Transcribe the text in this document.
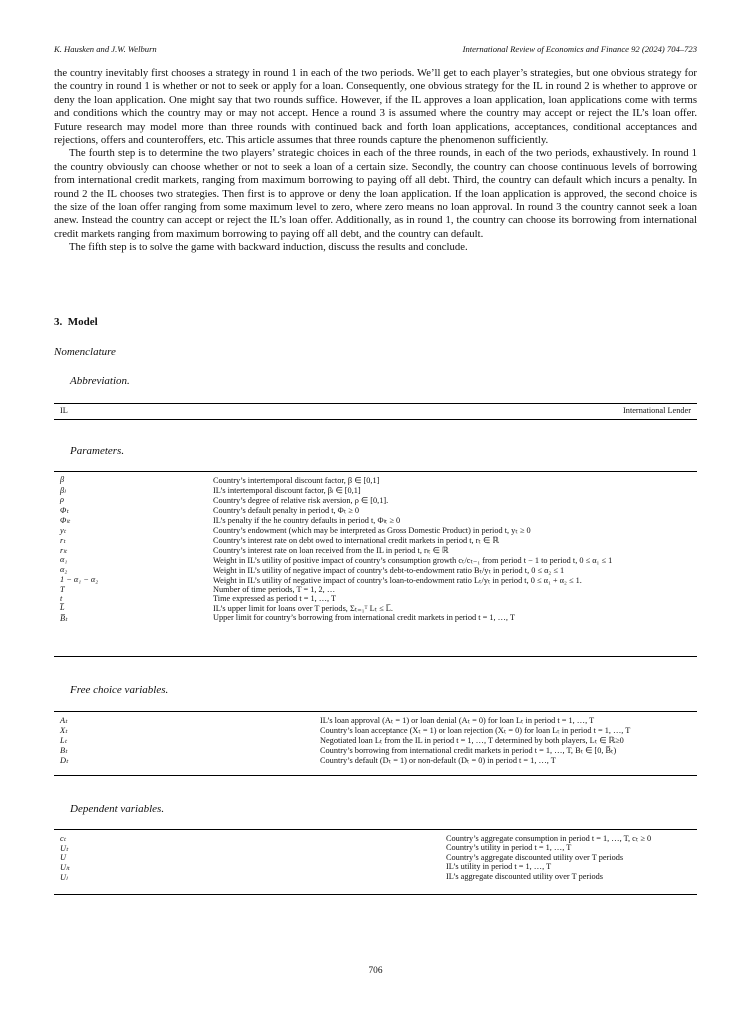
K. Hausken and J.W. Welburn	International Review of Economics and Finance 92 (2024) 704–723

the country inevitably first chooses a strategy in round 1 in each of the two periods. We’ll get to each player’s strategies, but one obvious strategy for the country in round 1 is whether or not to seek or apply for a loan. Consequently, one obvious strategy for the IL in round 2 is whether to approve or deny the loan application. One might say that two rounds suffice. However, if the IL approves a loan application, loan applications come with terms and conditions which the country may or may not accept. Hence a round 3 is assumed where the country may accept or reject the IL’s loan offer. Future research may model more than three rounds with continued back and forth loan applications, acceptances, conditional acceptances and rejections, offers and counteroffers, etc. This article assumes that three rounds capture the phenomenon sufficiently.

The fourth step is to determine the two players’ strategic choices in each of the three rounds, in each of the two periods, exhaustively. In round 1 the country obviously can choose whether or not to seek a loan of a certain size. Secondly, the country can choose continuous levels of borrowing from international credit markets, ranging from maximum borrowing to paying off all debt. Third, the country can default which incurs a penalty. In round 2 the IL chooses two strategies. Then first is to approve or deny the loan application. If the loan application is approved, the second choice is the size of the loan offer ranging from some maximum level to zero, where zero means no loan approval. In round 3 the country cannot seek a loan anew. Instead the country can accept or reject the IL’s loan offer. Additionally, as in round 1, the country can choose its borrowing from international credit markets ranging from maximum borrowing to paying off all debt, and the country can default.

The fifth step is to solve the game with backward induction, discuss the results and conclude.

3. Model
Nomenclature
Abbreviation.
IL	International Lender
Parameters.
β	Country’s intertemporal discount factor, β ∈ [0,1]
βₗ	IL’s intertemporal discount factor, βₗ ∈ [0,1]
ρ	Country’s degree of relative risk aversion, ρ ∈ [0,1].
Φₜ	Country’s default penalty in period t, Φₜ ≥ 0
Φₗₜ	IL’s penalty if the he country defaults in period t, Φₗₜ ≥ 0
yₜ	Country’s endowment (which may be interpreted as Gross Domestic Product) in period t, yₜ ≥ 0
rₜ	Country’s interest rate on debt owed to international credit markets in period t, rₜ ∈ ℝ
rₗₜ	Country’s interest rate on loan received from the IL in period t, rₗₜ ∈ ℝ
α₁	Weight in IL’s utility of positive impact of country’s consumption growth cₜ/cₜ₋₁ from period t − 1 to period t, 0 ≤ α₁ ≤ 1
α₂	Weight in IL’s utility of negative impact of country’s debt-to-endowment ratio Bₜ/yₜ in period t, 0 ≤ α₂ ≤ 1
1 − α₁ − α₂	Weight in IL’s utility of negative impact of country’s loan-to-endowment ratio Lₜ/yₜ in period t, 0 ≤ α₁ + α₂ ≤ 1.
T	Number of time periods, T = 1, 2, …
t	Time expressed as period t = 1, …, T
L̅	IL’s upper limit for loans over T periods, Σₜ₌₁ᵀ Lₜ ≤ L̅.
B̅ₜ	Upper limit for country’s borrowing from international credit markets in period t = 1, …, T
Free choice variables.
Aₜ	IL’s loan approval (Aₜ = 1) or loan denial (Aₜ = 0) for loan Lₜ in period t = 1, …, T
Xₜ	Country’s loan acceptance (Xₜ = 1) or loan rejection (Xₜ = 0) for loan Lₜ in period t = 1, …, T
Lₜ	Negotiated loan Lₜ from the IL in period t = 1, …, T determined by both players, Lₜ ∈ ℝ≥0
Bₜ	Country’s borrowing from international credit markets in period t = 1, …, T, Bₜ ∈ [0, B̅ₜ)
Dₜ	Country’s default (Dₜ = 1) or non-default (Dₜ = 0) in period t = 1, …, T
Dependent variables.
cₜ	Country’s aggregate consumption in period t = 1, …, T, cₜ ≥ 0
Uₜ	Country’s utility in period t = 1, …, T
U	Country’s aggregate discounted utility over T periods
Uₗₜ	IL’s utility in period t = 1, …, T
Uₗ	IL’s aggregate discounted utility over T periods
706
